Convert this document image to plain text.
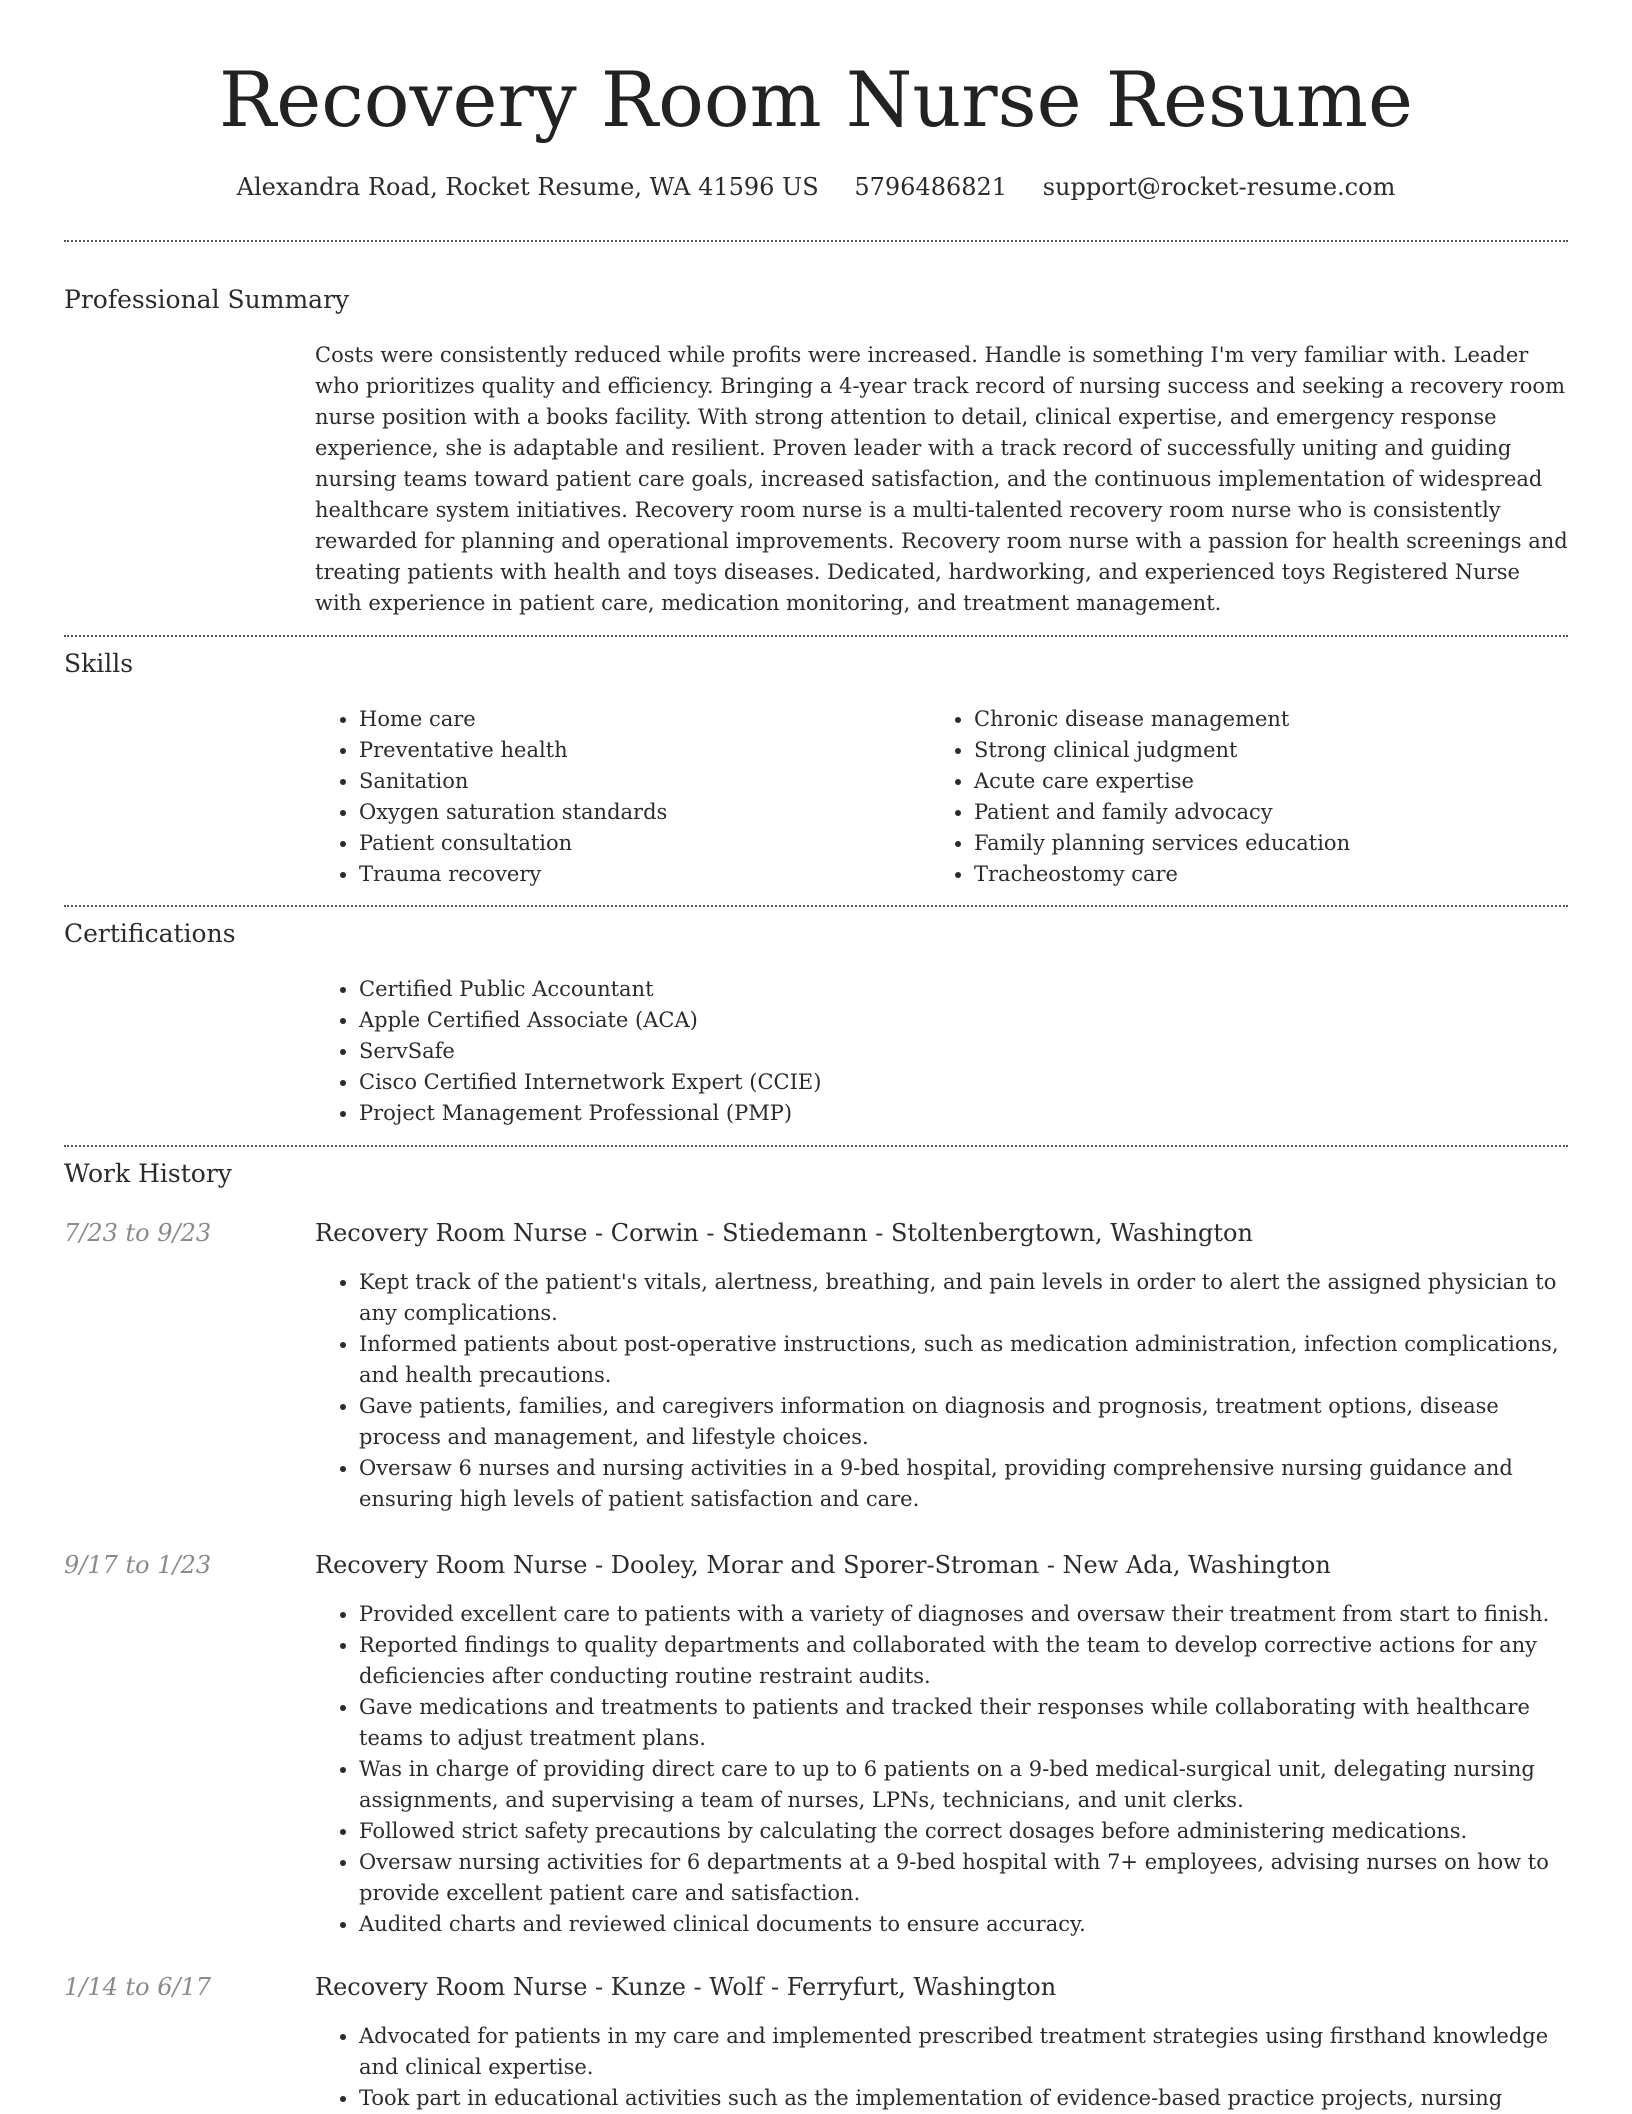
Recovery Room Nurse Resume
Alexandra Road, Rocket Resume, WA 41596 US 5796486821 support@rocket-resume.com
Professional Summary

Costs were consistently reduced while profits were increased. Handle is something I'm very familiar with. Leader who prioritizes quality and efficiency. Bringing a 4-year track record of nursing success and seeking a recovery room nurse position with a books facility. With strong attention to detail, clinical expertise, and emergency response experience, she is adaptable and resilient. Proven leader with a track record of successfully uniting and guiding nursing teams toward patient care goals, increased satisfaction, and the continuous implementation of widespread healthcare system initiatives. Recovery room nurse is a multi-talented recovery room nurse who is consistently rewarded for planning and operational improvements. Recovery room nurse with a passion for health screenings and treating patients with health and toys diseases. Dedicated, hardworking, and experienced toys Registered Nurse with experience in patient care, medication monitoring, and treatment management.

Skills
• Home care
• Preventative health
• Sanitation
• Oxygen saturation standards
• Patient consultation
• Trauma recovery
• Chronic disease management
• Strong clinical judgment
• Acute care expertise
• Patient and family advocacy
• Family planning services education
• Tracheostomy care
Certifications
• Certified Public Accountant
• Apple Certified Associate (ACA)
• ServSafe
• Cisco Certified Internetwork Expert (CCIE)
• Project Management Professional (PMP)
Work History
7/23 to 9/23	Recovery Room Nurse - Corwin - Stiedemann - Stoltenbergtown, Washington
• Kept track of the patient's vitals, alertness, breathing, and pain levels in order to alert the assigned physician to any complications.
• Informed patients about post-operative instructions, such as medication administration, infection complications, and health precautions.
• Gave patients, families, and caregivers information on diagnosis and prognosis, treatment options, disease process and management, and lifestyle choices.
• Oversaw 6 nurses and nursing activities in a 9-bed hospital, providing comprehensive nursing guidance and ensuring high levels of patient satisfaction and care.
9/17 to 1/23	Recovery Room Nurse - Dooley, Morar and Sporer-Stroman - New Ada, Washington
• Provided excellent care to patients with a variety of diagnoses and oversaw their treatment from start to finish.
• Reported findings to quality departments and collaborated with the team to develop corrective actions for any deficiencies after conducting routine restraint audits.
• Gave medications and treatments to patients and tracked their responses while collaborating with healthcare teams to adjust treatment plans.
• Was in charge of providing direct care to up to 6 patients on a 9-bed medical-surgical unit, delegating nursing assignments, and supervising a team of nurses, LPNs, technicians, and unit clerks.
• Followed strict safety precautions by calculating the correct dosages before administering medications.
• Oversaw nursing activities for 6 departments at a 9-bed hospital with 7+ employees, advising nurses on how to provide excellent patient care and satisfaction.
• Audited charts and reviewed clinical documents to ensure accuracy.
1/14 to 6/17	Recovery Room Nurse - Kunze - Wolf - Ferryfurt, Washington
• Advocated for patients in my care and implemented prescribed treatment strategies using firsthand knowledge and clinical expertise.
• Took part in educational activities such as the implementation of evidence-based practice projects, nursing
